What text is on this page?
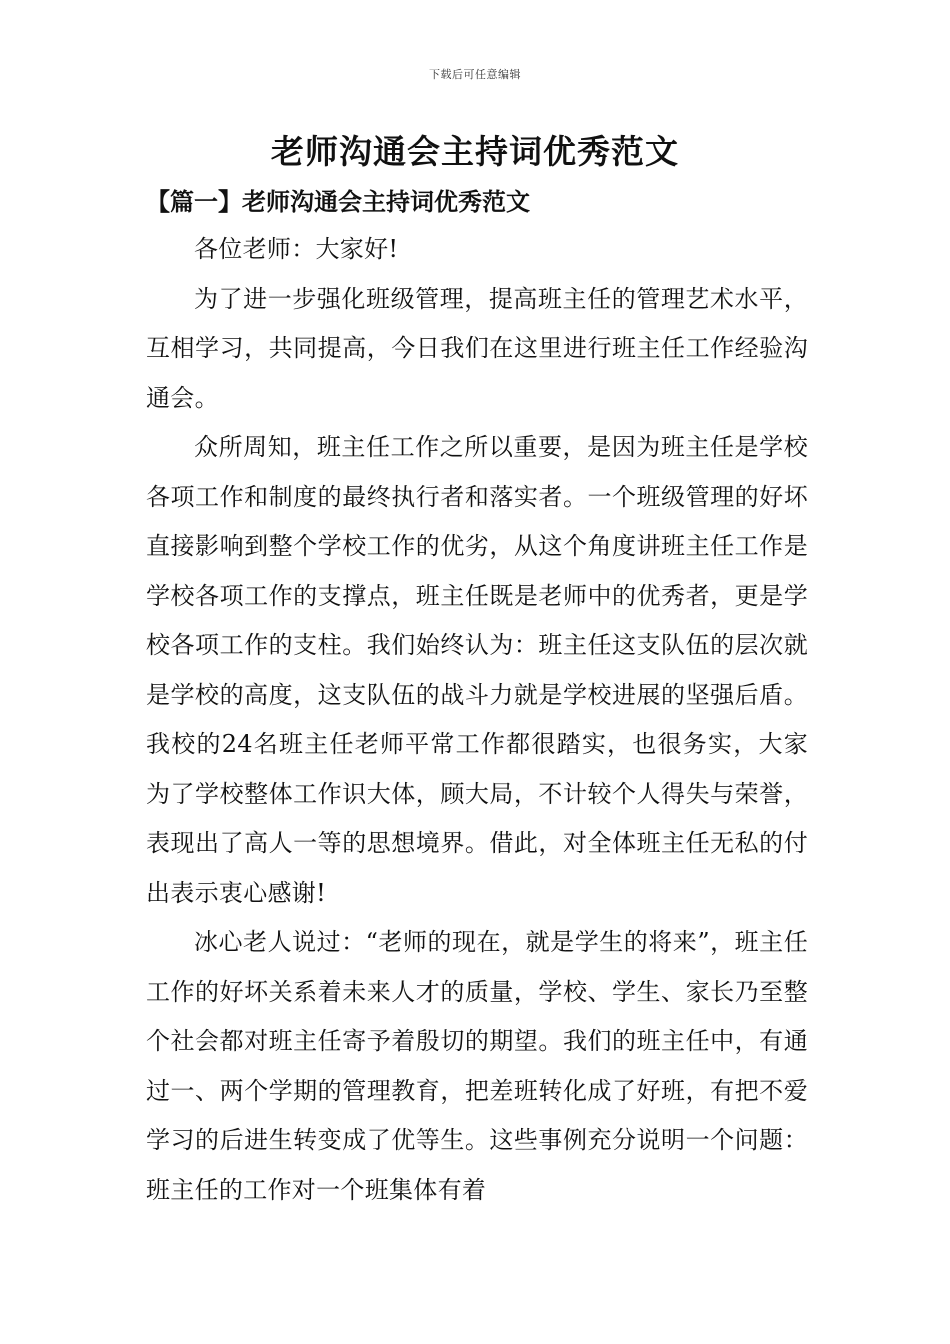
下载后可任意编辑
老师沟通会主持词优秀范文
【篇一】老师沟通会主持词优秀范文

各位老师：大家好!

为了进一步强化班级管理，提高班主任的管理艺术水平，互相学习，共同提高，今日我们在这里进行班主任工作经验沟通会。

众所周知，班主任工作之所以重要，是因为班主任是学校各项工作和制度的最终执行者和落实者。一个班级管理的好坏直接影响到整个学校工作的优劣，从这个角度讲班主任工作是学校各项工作的支撑点，班主任既是老师中的优秀者，更是学校各项工作的支柱。我们始终认为：班主任这支队伍的层次就是学校的高度，这支队伍的战斗力就是学校进展的坚强后盾。我校的24名班主任老师平常工作都很踏实，也很务实，大家为了学校整体工作识大体，顾大局，不计较个人得失与荣誉，表现出了高人一等的思想境界。借此，对全体班主任无私的付出表示衷心感谢!

冰心老人说过：“老师的现在，就是学生的将来”，班主任工作的好坏关系着未来人才的质量，学校、学生、家长乃至整个社会都对班主任寄予着殷切的期望。我们的班主任中，有通过一、两个学期的管理教育，把差班转化成了好班，有把不爱学习的后进生转变成了优等生。这些事例充分说明一个问题：班主任的工作对一个班集体有着
